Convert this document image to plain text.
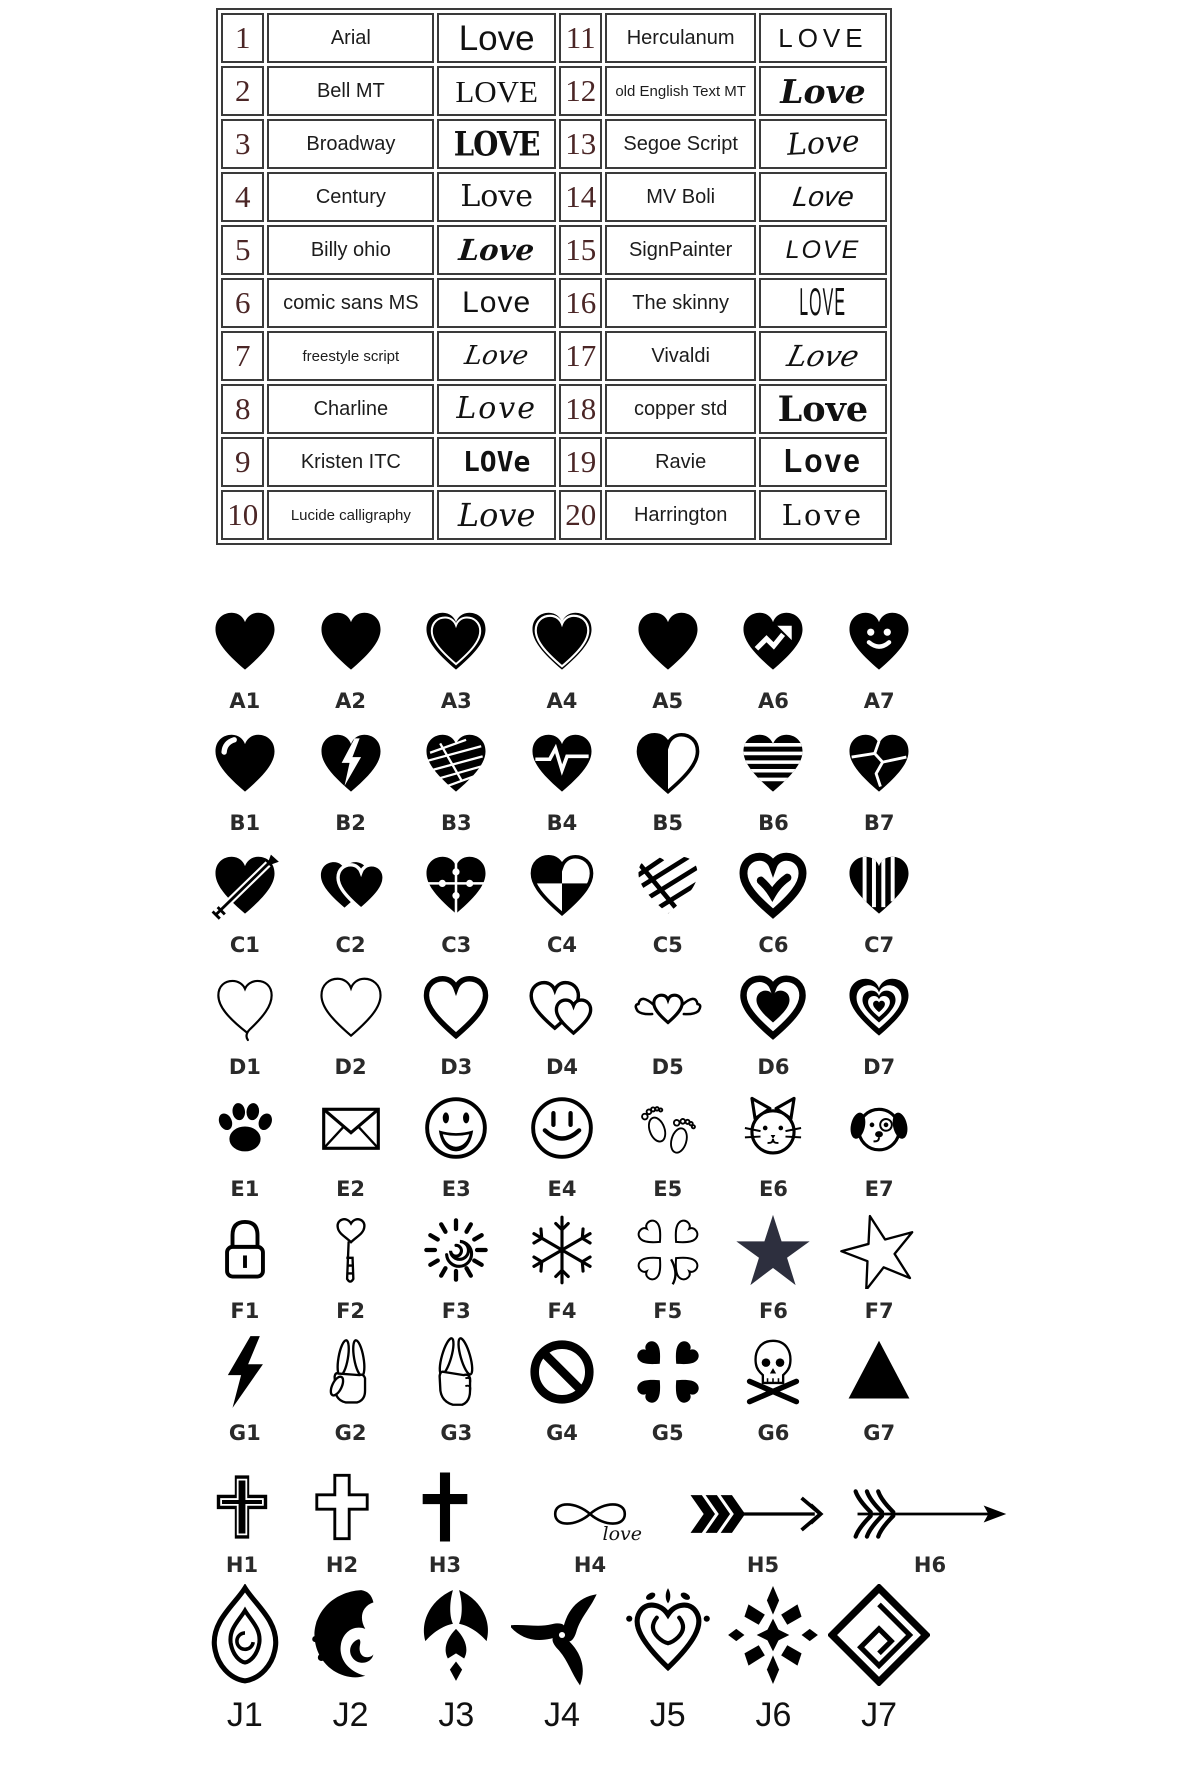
1	Arial	Love	11	Herculanum	LOVE
2	Bell MT	LOVE	12	old English Text MT	Love
3	Broadway	LOVE	13	Segoe Script	Love
4	Century	Love	14	MV Boli	Love
5	Billy ohio	Love	15	SignPainter	LOVE
6	comic sans MS	Love	16	The skinny	LOVE
7	freestyle script	Love	17	Vivaldi	Love
8	Charline	Love	18	copper std	Love
9	Kristen ITC	LOVe	19	Ravie	Love
10	Lucide calligraphy	Love	20	Harrington	Love
A1	A2	A3	A4	A5	A6	A7
B1	B2	B3	B4	B5	B6	B7
C1	C2	C3	C4	C5	C6	C7
D1	D2	D3	D4	D5	D6	D7
E1	E2	E3	E4	E5	E6	E7
F1	F2	F3	F4	F5	F6	F7
G1	G2	G3	G4	G5	G6	G7
H1	H2	H3
love
H4	H5	H6
J1 J2 J3 J4 J5 J6 J7
